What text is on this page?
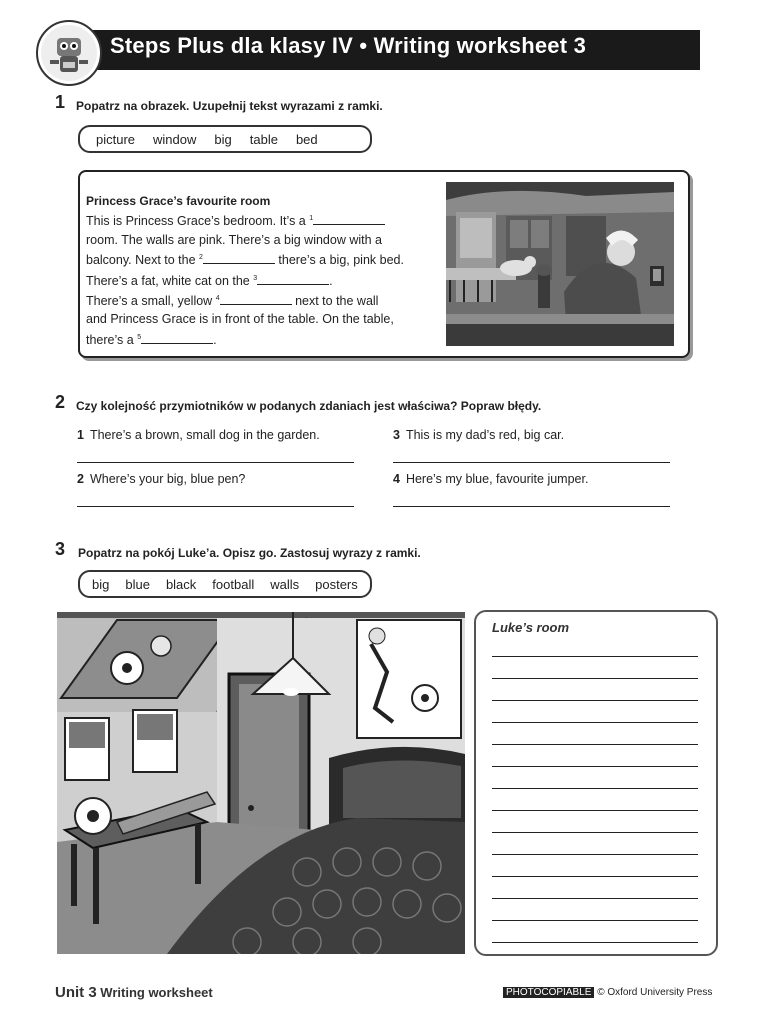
Steps Plus dla klasy IV • Writing worksheet 3
1 Popatrz na obrazek. Uzupełnij tekst wyrazami z ramki.
picture window big table bed
Princess Grace’s favourite room
This is Princess Grace’s bedroom. It’s a $^1$
room. The walls are pink. There’s a big window with a
balcony. Next to the $^2$	there’s a big, pink bed.
There’s a fat, white cat on the $^3$	.
There’s a small, yellow $^4$	next to the wall
and Princess Grace is in front of the table. On the table,
there’s a $^5$	.
2 Czy kolejność przymiotników w podanych zdaniach jest właściwa? Popraw błędy.
1 There’s a brown, small dog in the garden.
2 Where’s your big, blue pen?
3 This is my dad’s red, big car.
4 Here’s my blue, favourite jumper.
3 Popatrz na pokój Luke’a. Opisz go. Zastosuj wyrazy z ramki.
big blue black football walls posters
Luke’s room
Unit 3 Writing worksheet	PHOTOCOPIABLE © Oxford University Press
